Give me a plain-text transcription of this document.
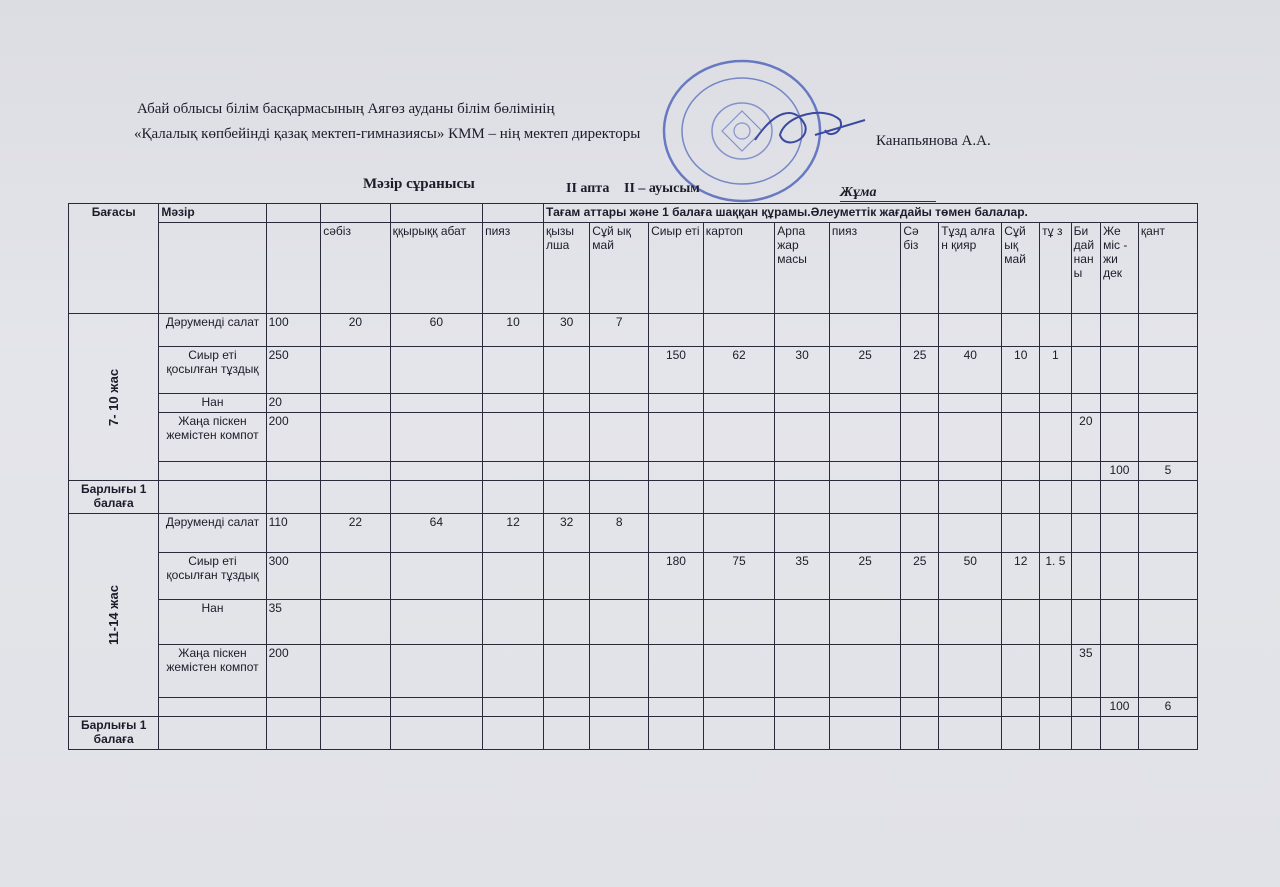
Абай облысы білім басқармасының Аягөз ауданы білім бөлімінің
«Қалалық көпбейінді қазақ мектеп-гимназиясы» КММ – нің мектеп директоры	Канапьянова А.А.
Мәзір сұранысы	II апта II – ауысым	Жұма
Бағасы	Мәзір					Тағам аттары және 1 балаға шаққан құрамы.Әлеуметтік жағдайы төмен балалар.												
			сәбіз	ққырыққ абат	пияз	қызы лша	Сұй ық май	Сиыр еті	картоп	Арпа жар масы	пияз	Сә біз	Тұзд алға н қияр	Сұй ық май	тұ з	Би дай нан ы	Же міс - жи дек	қант
7- 10 жас	Дәруменді салат	100	20	60	10	30	7											
	Сиыр еті қосылған тұздық	250						150	62	30	25	25	40	10	1			
	Нан	20																
	Жаңа піскен жемістен компот	200														20		
																	100	5
Барлығы 1 балаға																		
11-14 жас	Дәруменді салат	110	22	64	12	32	8											
	Сиыр еті қосылған тұздық	300						180	75	35	25	25	50	12	1. 5			
	Нан	35																
	Жаңа піскен жемістен компот	200														35		
																	100	6
Барлығы 1 балаға																		
